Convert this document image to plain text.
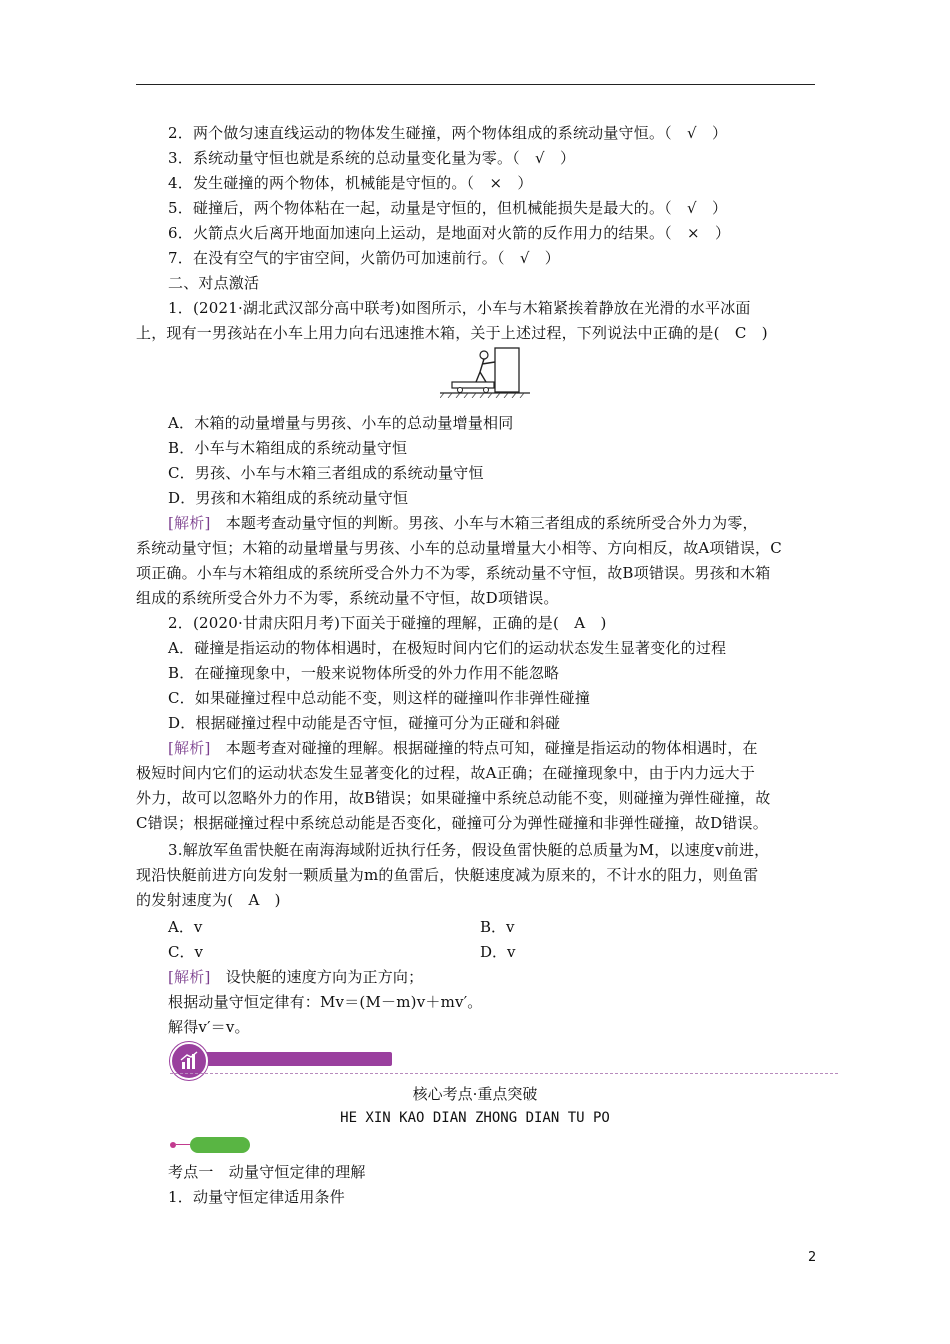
2．两个做匀速直线运动的物体发生碰撞，两个物体组成的系统动量守恒。（　√　）
3．系统动量守恒也就是系统的总动量变化量为零。（　√　）
4．发生碰撞的两个物体，机械能是守恒的。（　×　）
5．碰撞后，两个物体粘在一起，动量是守恒的，但机械能损失是最大的。（　√　）
6．火箭点火后离开地面加速向上运动，是地面对火箭的反作用力的结果。（　×　）
7．在没有空气的宇宙空间，火箭仍可加速前行。（　√　）
二、对点激活
1．(2021·湖北武汉部分高中联考)如图所示，小车与木箱紧挨着静放在光滑的水平冰面
上，现有一男孩站在小车上用力向右迅速推木箱，关于上述过程，下列说法中正确的是(　C　)
A．木箱的动量增量与男孩、小车的总动量增量相同
B．小车与木箱组成的系统动量守恒
C．男孩、小车与木箱三者组成的系统动量守恒
D．男孩和木箱组成的系统动量守恒
[解析]　本题考查动量守恒的判断。男孩、小车与木箱三者组成的系统所受合外力为零，
系统动量守恒；木箱的动量增量与男孩、小车的总动量增量大小相等、方向相反，故A项错误，C
项正确。小车与木箱组成的系统所受合外力不为零，系统动量不守恒，故B项错误。男孩和木箱
组成的系统所受合外力不为零，系统动量不守恒，故D项错误。
2．(2020·甘肃庆阳月考)下面关于碰撞的理解，正确的是(　A　)
A．碰撞是指运动的物体相遇时，在极短时间内它们的运动状态发生显著变化的过程
B．在碰撞现象中，一般来说物体所受的外力作用不能忽略
C．如果碰撞过程中总动能不变，则这样的碰撞叫作非弹性碰撞
D．根据碰撞过程中动能是否守恒，碰撞可分为正碰和斜碰
[解析]　本题考查对碰撞的理解。根据碰撞的特点可知，碰撞是指运动的物体相遇时，在
极短时间内它们的运动状态发生显著变化的过程，故A正确；在碰撞现象中，由于内力远大于
外力，故可以忽略外力的作用，故B错误；如果碰撞中系统总动能不变，则碰撞为弹性碰撞，故
C错误；根据碰撞过程中系统总动能是否变化，碰撞可分为弹性碰撞和非弹性碰撞，故D错误。
3.解放军鱼雷快艇在南海海域附近执行任务，假设鱼雷快艇的总质量为M，以速度v前进，
现沿快艇前进方向发射一颗质量为m的鱼雷后，快艇速度减为原来的，不计水的阻力，则鱼雷
的发射速度为(　A　)
A．v	B．v
C．v	D．v
[解析]　设快艇的速度方向为正方向；
根据动量守恒定律有：Mv＝(M－m)v＋mv′。
解得v′＝v。
核心考点·重点突破
HE XIN KAO DIAN ZHONG DIAN TU PO
考点一　动量守恒定律的理解
1．动量守恒定律适用条件
2
